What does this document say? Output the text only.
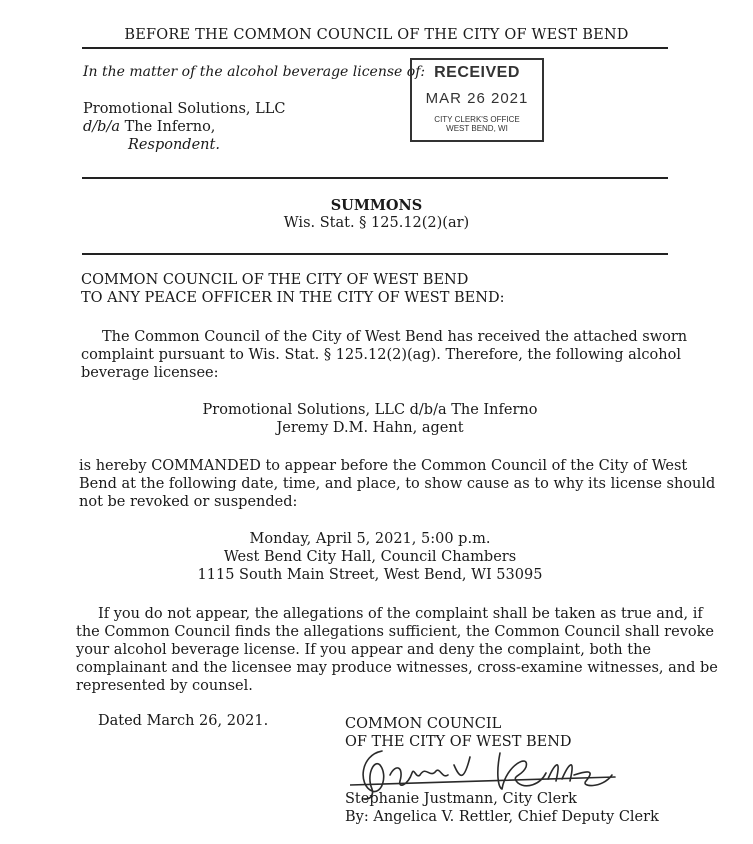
BEFORE THE COMMON COUNCIL OF THE CITY OF WEST BEND
In the matter of the alcohol beverage license of:
Promotional Solutions, LLC
d/b/a The Inferno,
Respondent.
RECEIVED
MAR 26 2021
CITY CLERK'S OFFICE
WEST BEND, WI
SUMMONS
Wis. Stat. § 125.12(2)(ar)
COMMON COUNCIL OF THE CITY OF WEST BEND
TO ANY PEACE OFFICER IN THE CITY OF WEST BEND:
The Common Council of the City of West Bend has received the attached sworn
complaint pursuant to Wis. Stat. § 125.12(2)(ag). Therefore, the following alcohol
beverage licensee:
Promotional Solutions, LLC d/b/a The Inferno
Jeremy D.M. Hahn, agent
is hereby COMMANDED to appear before the Common Council of the City of West
Bend at the following date, time, and place, to show cause as to why its license should
not be revoked or suspended:
Monday, April 5, 2021, 5:00 p.m.
West Bend City Hall, Council Chambers
1115 South Main Street, West Bend, WI 53095
If you do not appear, the allegations of the complaint shall be taken as true and, if
the Common Council finds the allegations sufficient, the Common Council shall revoke
your alcohol beverage license. If you appear and deny the complaint, both the
complainant and the licensee may produce witnesses, cross-examine witnesses, and be
represented by counsel.
Dated March 26, 2021.	COMMON COUNCIL
OF THE CITY OF WEST BEND
Stephanie Justmann, City Clerk
By: Angelica V. Rettler, Chief Deputy Clerk
